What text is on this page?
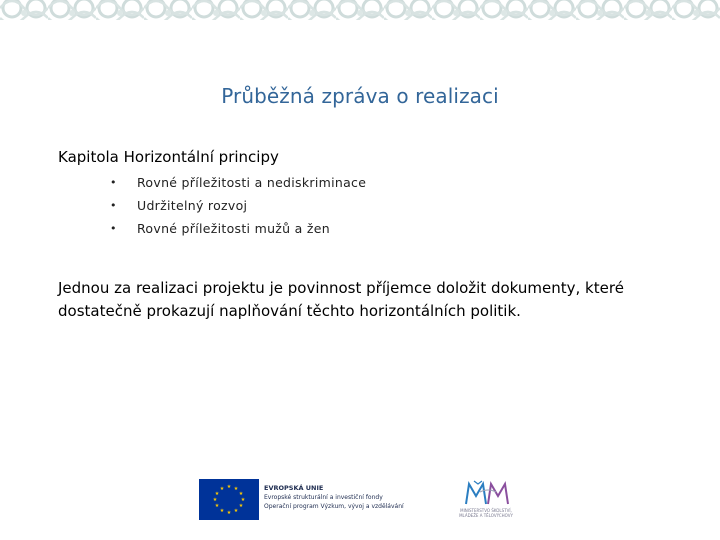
Průběžná zpráva o realizaci
Kapitola Horizontální principy
• Rovné příležitosti a nediskriminace
• Udržitelný rozvoj
• Rovné příležitosti mužů a žen
Jednou za realizaci projektu je povinnost příjemce doložit dokumenty, které
dostatečně prokazují naplňování těchto horizontálních politik.
★ ★
★
★
★
★
★
★
★
★
★
★	EVROPSKÁ UNIE
Evropské strukturální a investiční fondy
Operační program Výzkum, vývoj a vzdělávání
MINISTERSTVO ŠKOLSTVÍ,
MLÁDEŽE A TĚLOVÝCHOVY
